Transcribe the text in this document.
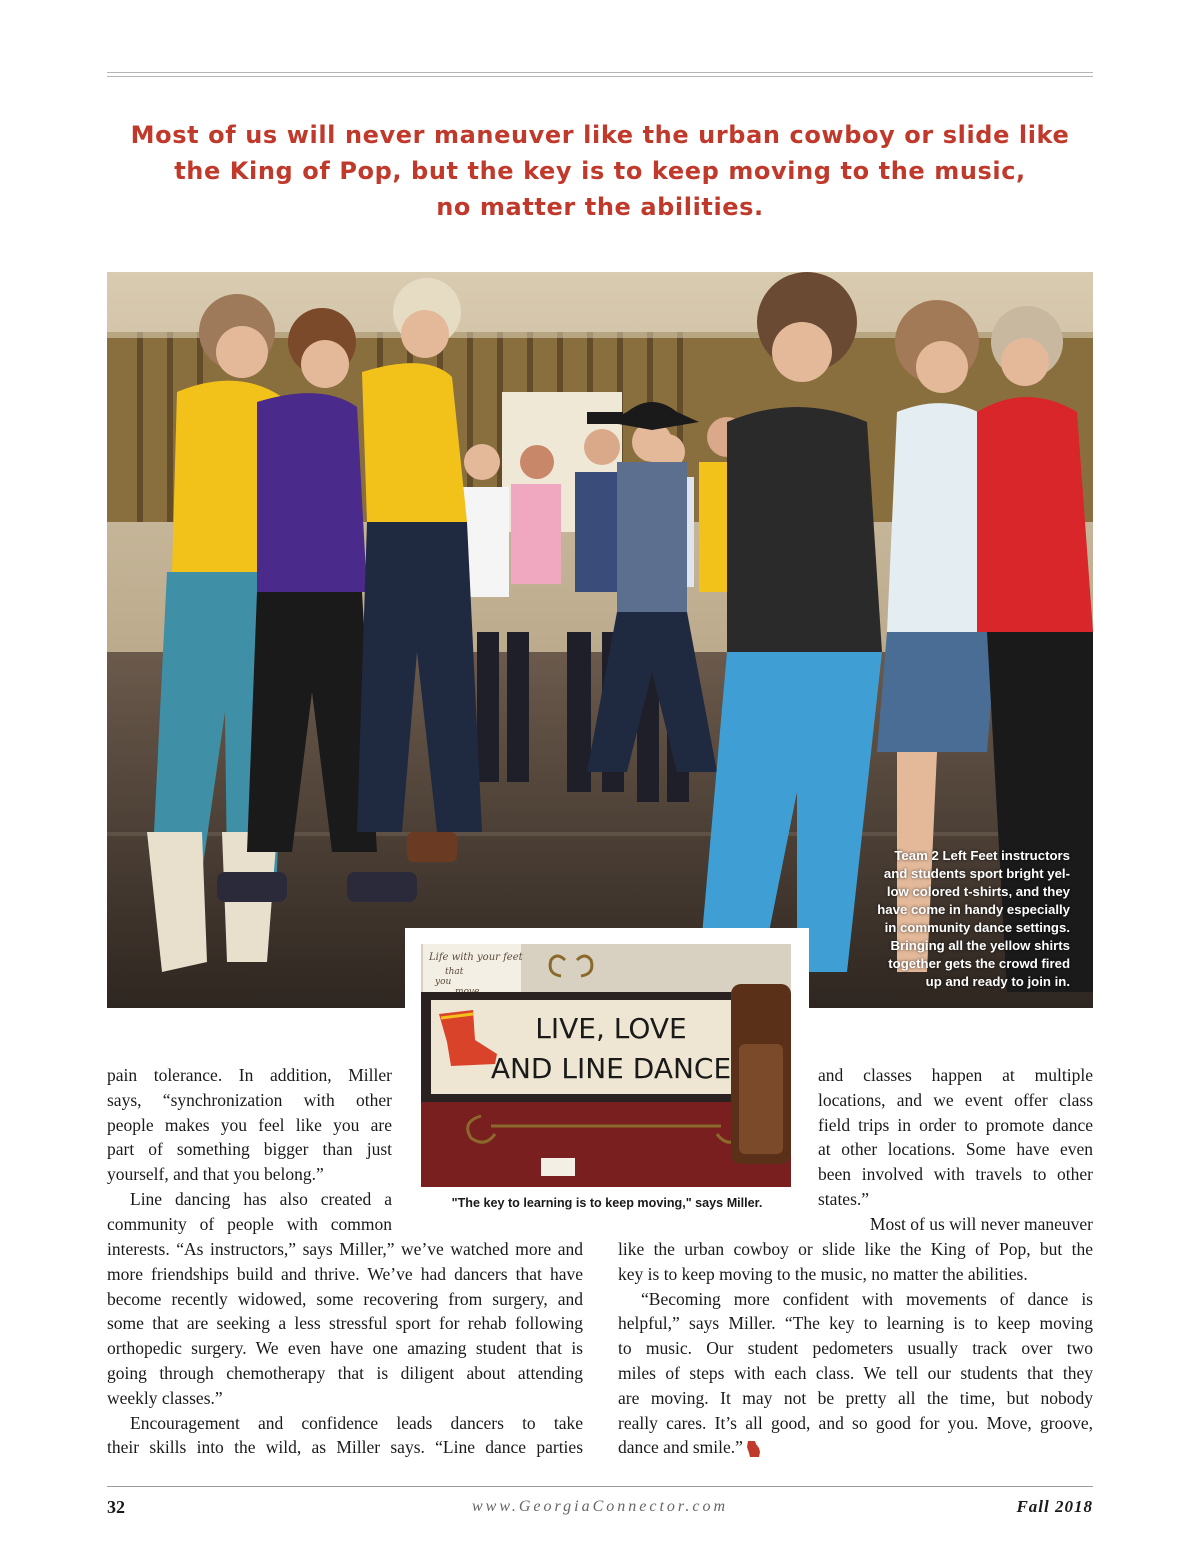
Most of us will never maneuver like the urban cowboy or slide like
the King of Pop, but the key is to keep moving to the music,
no matter the abilities.

Team 2 Left Feet instructors
and students sport bright yel-
low colored t-shirts, and they
have come in handy especially
in community dance settings.
Bringing all the yellow shirts
together gets the crowd fired
up and ready to join in.

Life with your feet
that
you
LIVE, LOVE
AND LINE DANCE

"The key to learning is to keep moving," says Miller.

pain tolerance. In addition, Miller
says, “synchronization with other
people makes you feel like you are
part of something bigger than just
yourself, and that you belong.”
Line dancing has also created a
community of people with common

and classes happen at multiple
locations, and we event offer class
field trips in order to promote dance
at other locations. Some have even
been involved with travels to other
states.”
Most of us will never maneuver

interests. “As instructors,” says Miller,” we’ve watched more and
more friendships build and thrive. We’ve had dancers that have
become recently widowed, some recovering from surgery, and
some that are seeking a less stressful sport for rehab following
orthopedic surgery. We even have one amazing student that is
going through chemotherapy that is diligent about attending
weekly classes.”
Encouragement and confidence leads dancers to take
their skills into the wild, as Miller says. “Line dance parties

like the urban cowboy or slide like the King of Pop, but the
key is to keep moving to the music, no matter the abilities.
“Becoming more confident with movements of dance is
helpful,” says Miller. “The key to learning is to keep moving
to music. Our student pedometers usually track over two
miles of steps with each class. We tell our students that they
are moving. It may not be pretty all the time, but nobody
really cares. It’s all good, and so good for you. Move, groove,
dance and smile.”

32	www.GeorgiaConnector.com	Fall 2018
